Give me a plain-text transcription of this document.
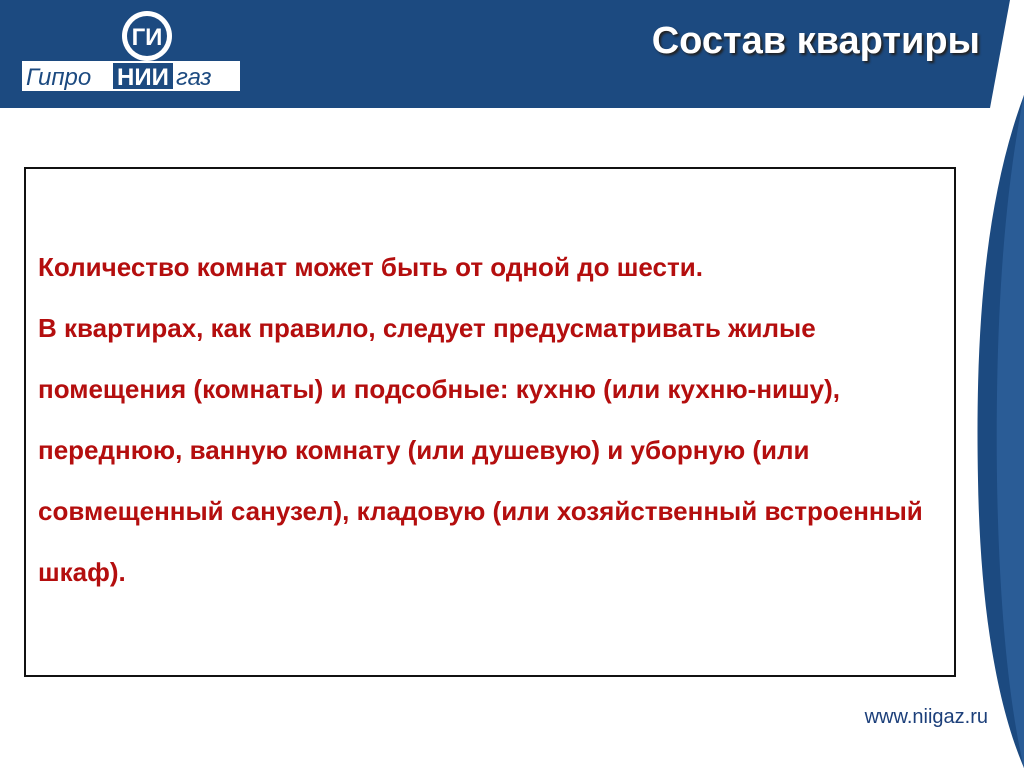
ГИ
Гипро НИИ газ
Состав квартиры

Количество комнат может быть от одной до шести.

В квартирах, как правило, следует предусматривать жилые помещения (комнаты) и подсобные: кухню (или кухню-нишу), переднюю, ванную комнату (или душевую) и уборную (или совмещенный санузел), кладовую (или хозяйственный встроенный шкаф).

www.niigaz.ru
